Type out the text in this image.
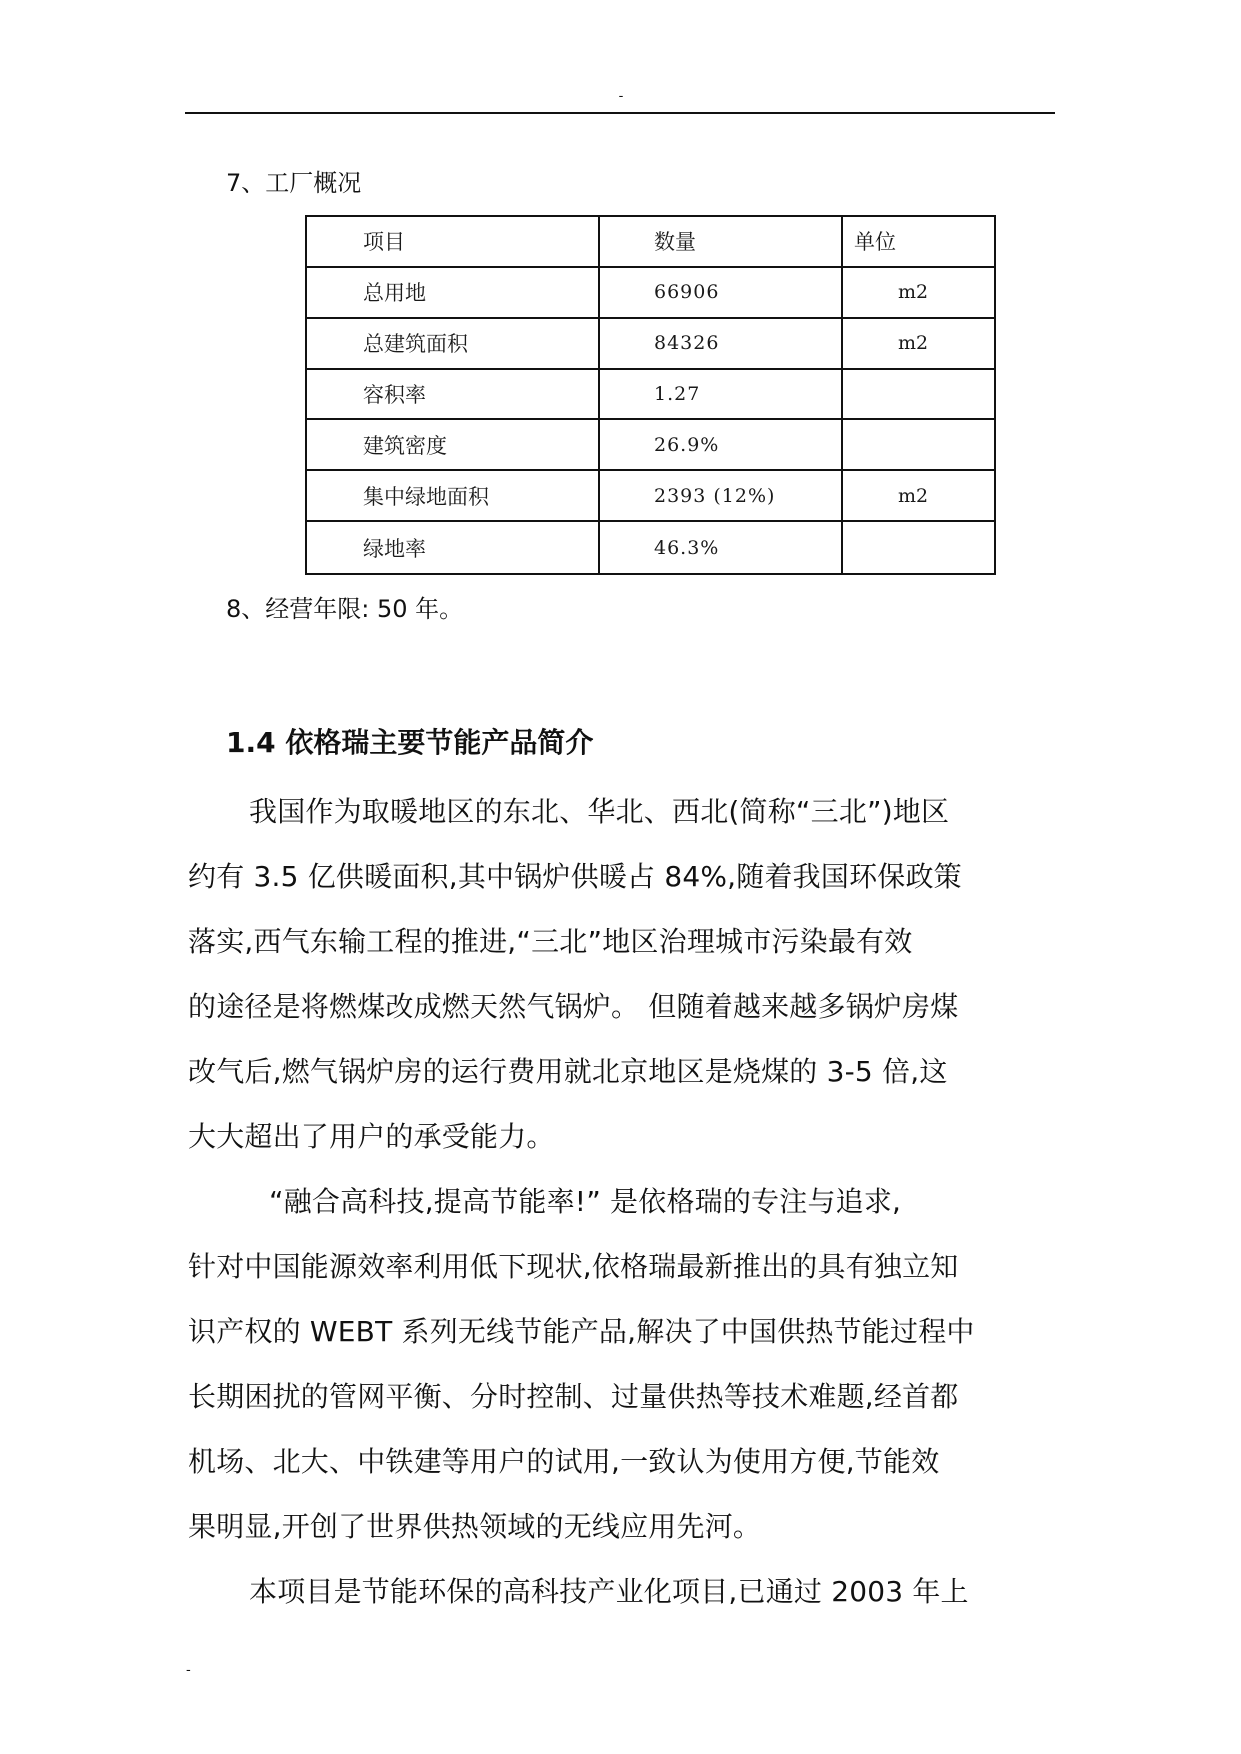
-
7、工厂概况
项目	数量	单位
总用地	66906	m2
总建筑面积	84326	m2
容积率	1.27	
建筑密度	26.9%	
集中绿地面积	2393 (12%)	m2
绿地率	46.3%	
8、经营年限: 50 年。
1.4 依格瑞主要节能产品简介
我国作为取暖地区的东北、华北、西北(简称“三北”)地区
约有 3.5 亿供暖面积,其中锅炉供暖占 84%,随着我国环保政策
落实,西气东输工程的推进,“三北”地区治理城市污染最有效
的途径是将燃煤改成燃天然气锅炉。 但随着越来越多锅炉房煤
改气后,燃气锅炉房的运行费用就北京地区是烧煤的 3-5 倍,这
大大超出了用户的承受能力。
“融合高科技,提高节能率!” 是依格瑞的专注与追求,
针对中国能源效率利用低下现状,依格瑞最新推出的具有独立知
识产权的 WEBT 系列无线节能产品,解决了中国供热节能过程中
长期困扰的管网平衡、分时控制、过量供热等技术难题,经首都
机场、北大、中铁建等用户的试用,一致认为使用方便,节能效
果明显,开创了世界供热领域的无线应用先河。
本项目是节能环保的高科技产业化项目,已通过 2003 年上
-
